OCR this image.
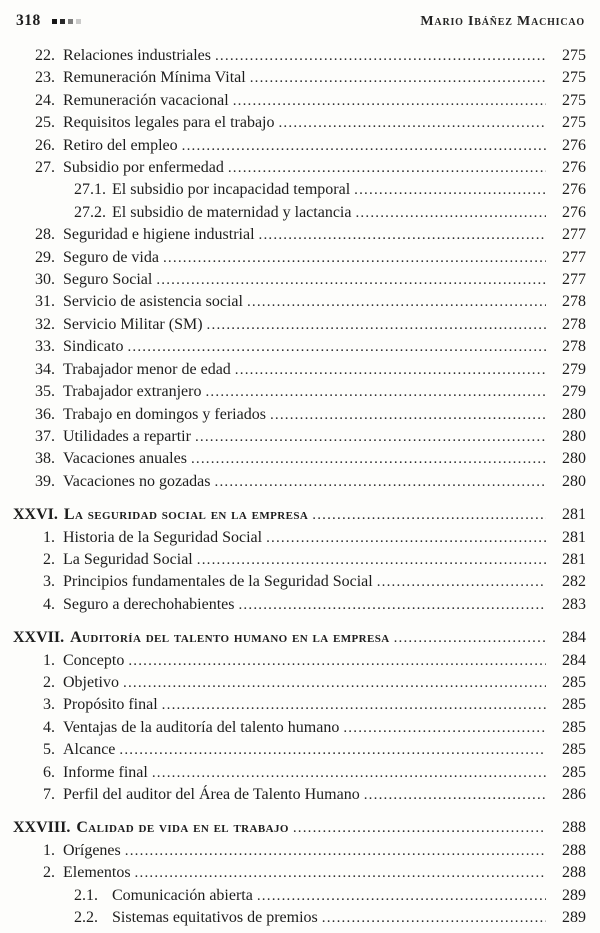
318	Mario Ibáñez Machicao
22. Relaciones industriales .....	275
23. Remuneración Mínima Vital .....	275
24. Remuneración vacacional .....	275
25. Requisitos legales para el trabajo .....	275
26. Retiro del empleo .....	276
27. Subsidio por enfermedad .....	276
27.1. El subsidio por incapacidad temporal .....	276
27.2. El subsidio de maternidad y lactancia .....	276
28. Seguridad e higiene industrial .....	277
29. Seguro de vida .....	277
30. Seguro Social .....	277
31. Servicio de asistencia social .....	278
32. Servicio Militar (SM) .....	278
33. Sindicato .....	278
34. Trabajador menor de edad .....	279
35. Trabajador extranjero .....	279
36. Trabajo en domingos y feriados .....	280
37. Utilidades a repartir .....	280
38. Vacaciones anuales .....	280
39. Vacaciones no gozadas .....	280
XXVI. La seguridad social en la empresa .....	281
1. Historia de la Seguridad Social .....	281
2. La Seguridad Social .....	281
3. Principios fundamentales de la Seguridad Social .....	282
4. Seguro a derechohabientes .....	283
XXVII. Auditoría del talento humano en la empresa .....	284
1. Concepto .....	284
2. Objetivo .....	285
3. Propósito final .....	285
4. Ventajas de la auditoría del talento humano .....	285
5. Alcance .....	285
6. Informe final .....	285
7. Perfil del auditor del Área de Talento Humano .....	286
XXVIII. Calidad de vida en el trabajo .....	288
1. Orígenes .....	288
2. Elementos .....	288
2.1. Comunicación abierta .....	289
2.2. Sistemas equitativos de premios .....	289
